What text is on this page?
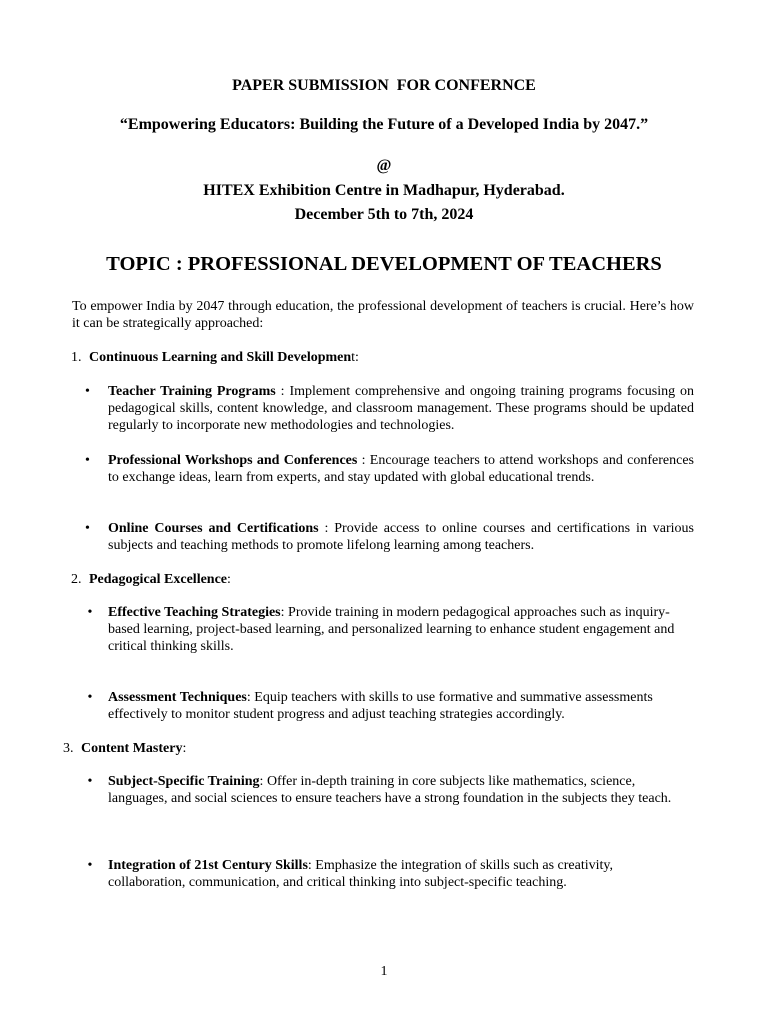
PAPER SUBMISSION  FOR CONFERNCE
“Empowering Educators: Building the Future of a Developed India by 2047.”
@
HITEX Exhibition Centre in Madhapur, Hyderabad.
December 5th to 7th, 2024
TOPIC : PROFESSIONAL DEVELOPMENT OF TEACHERS
To empower India by 2047 through education, the professional development of teachers is crucial. Here’s how it can be strategically approached:
1. Continuous Learning and Skill Development:
•	Teacher Training Programs : Implement comprehensive and ongoing training programs focusing on pedagogical skills, content knowledge, and classroom management. These programs should be updated regularly to incorporate new methodologies and technologies.
•	Professional Workshops and Conferences : Encourage teachers to attend workshops and conferences to exchange ideas, learn from experts, and stay updated with global educational trends.
•	Online Courses and Certifications : Provide access to online courses and certifications in various subjects and teaching methods to promote lifelong learning among teachers.
2. Pedagogical Excellence:
• Effective Teaching Strategies: Provide training in modern pedagogical approaches such as inquiry-based learning, project-based learning, and personalized learning to enhance student engagement and critical thinking skills.
• Assessment Techniques: Equip teachers with skills to use formative and summative assessments effectively to monitor student progress and adjust teaching strategies accordingly.
3. Content Mastery:
• Subject-Specific Training: Offer in-depth training in core subjects like mathematics, science, languages, and social sciences to ensure teachers have a strong foundation in the subjects they teach.
• Integration of 21st Century Skills: Emphasize the integration of skills such as creativity, collaboration, communication, and critical thinking into subject-specific teaching.
1
